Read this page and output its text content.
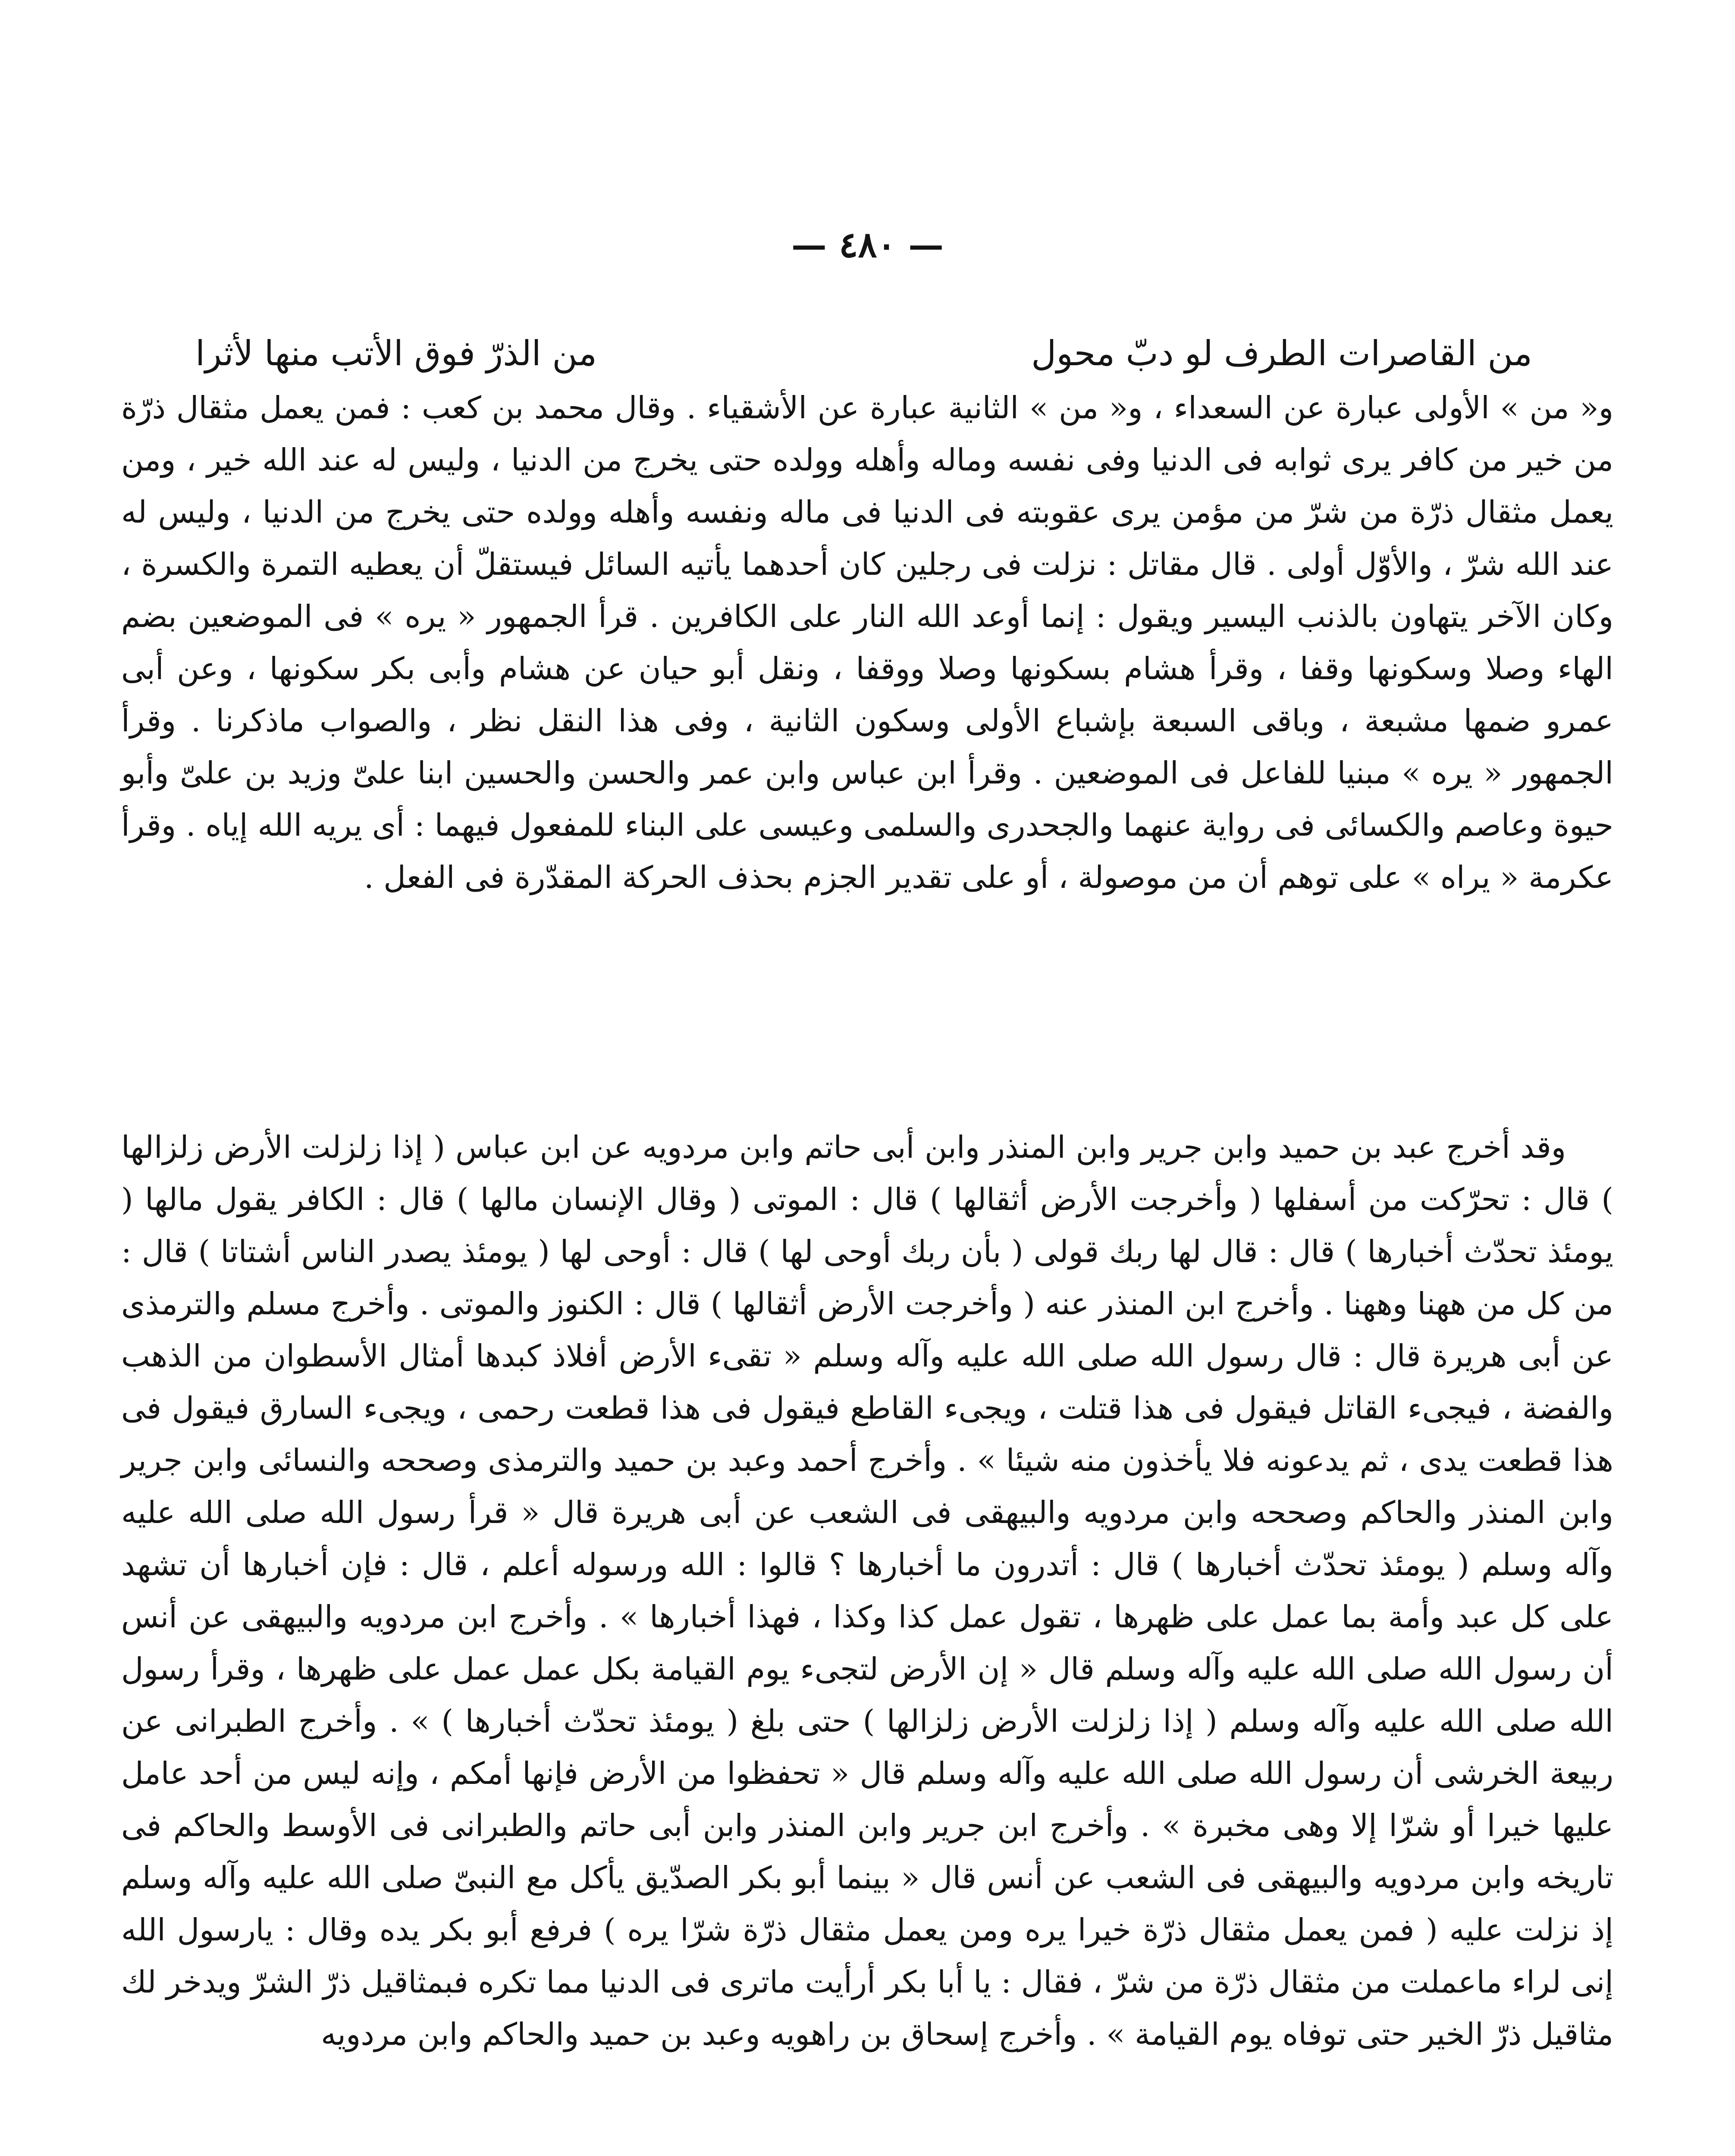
— ٤٨٠ —
من القاصرات الطرف لو دبّ محول
من الذرّ فوق الأتب منها لأثرا

و« من » الأولى عبارة عن السعداء ، و« من » الثانية عبارة عن الأشقياء . وقال محمد بن كعب : فمن يعمل مثقال ذرّة من خير من كافر يرى ثوابه فى الدنيا وفى نفسه وماله وأهله وولده حتى يخرج من الدنيا ، وليس له عند الله خير ، ومن يعمل مثقال ذرّة من شرّ من مؤمن يرى عقوبته فى الدنيا فى ماله ونفسه وأهله وولده حتى يخرج من الدنيا ، وليس له عند الله شرّ ، والأوّل أولى . قال مقاتل : نزلت فى رجلين كان أحدهما يأتيه السائل فيستقلّ أن يعطيه التمرة والكسرة ، وكان الآخر يتهاون بالذنب اليسير ويقول : إنما أوعد الله النار على الكافرين . قرأ الجمهور « يره » فى الموضعين بضم الهاء وصلا وسكونها وقفا ، وقرأ هشام بسكونها وصلا ووقفا ، ونقل أبو حيان عن هشام وأبى بكر سكونها ، وعن أبى عمرو ضمها مشبعة ، وباقى السبعة بإشباع الأولى وسكون الثانية ، وفى هذا النقل نظر ، والصواب ماذكرنا . وقرأ الجمهور « يره » مبنيا للفاعل فى الموضعين . وقرأ ابن عباس وابن عمر والحسن والحسين ابنا علىّ وزيد بن علىّ وأبو حيوة وعاصم والكسائى فى رواية عنهما والجحدرى والسلمى وعيسى على البناء للمفعول فيهما : أى يريه الله إياه . وقرأ عكرمة « يراه » على توهم أن من موصولة ، أو على تقدير الجزم بحذف الحركة المقدّرة فى الفعل .

وقد أخرج عبد بن حميد وابن جرير وابن المنذر وابن أبى حاتم وابن مردويه عن ابن عباس ( إذا زلزلت الأرض زلزالها ) قال : تحرّكت من أسفلها ( وأخرجت الأرض أثقالها ) قال : الموتى ( وقال الإنسان مالها ) قال : الكافر يقول مالها ( يومئذ تحدّث أخبارها ) قال : قال لها ربك قولى ( بأن ربك أوحى لها ) قال : أوحى لها ( يومئذ يصدر الناس أشتاتا ) قال : من كل من ههنا وههنا . وأخرج ابن المنذر عنه ( وأخرجت الأرض أثقالها ) قال : الكنوز والموتى . وأخرج مسلم والترمذى عن أبى هريرة قال : قال رسول الله صلى الله عليه وآله وسلم « تقىء الأرض أفلاذ كبدها أمثال الأسطوان من الذهب والفضة ، فيجىء القاتل فيقول فى هذا قتلت ، ويجىء القاطع فيقول فى هذا قطعت رحمى ، ويجىء السارق فيقول فى هذا قطعت يدى ، ثم يدعونه فلا يأخذون منه شيئا » . وأخرج أحمد وعبد بن حميد والترمذى وصححه والنسائى وابن جرير وابن المنذر والحاكم وصححه وابن مردويه والبيهقى فى الشعب عن أبى هريرة قال « قرأ رسول الله صلى الله عليه وآله وسلم ( يومئذ تحدّث أخبارها ) قال : أتدرون ما أخبارها ؟ قالوا : الله ورسوله أعلم ، قال : فإن أخبارها أن تشهد على كل عبد وأمة بما عمل على ظهرها ، تقول عمل كذا وكذا ، فهذا أخبارها » . وأخرج ابن مردويه والبيهقى عن أنس أن رسول الله صلى الله عليه وآله وسلم قال « إن الأرض لتجىء يوم القيامة بكل عمل عمل على ظهرها ، وقرأ رسول الله صلى الله عليه وآله وسلم ( إذا زلزلت الأرض زلزالها ) حتى بلغ ( يومئذ تحدّث أخبارها ) » . وأخرج الطبرانى عن ربيعة الخرشى أن رسول الله صلى الله عليه وآله وسلم قال « تحفظوا من الأرض فإنها أمكم ، وإنه ليس من أحد عامل عليها خيرا أو شرّا إلا وهى مخبرة » . وأخرج ابن جرير وابن المنذر وابن أبى حاتم والطبرانى فى الأوسط والحاكم فى تاريخه وابن مردويه والبيهقى فى الشعب عن أنس قال « بينما أبو بكر الصدّيق يأكل مع النبىّ صلى الله عليه وآله وسلم إذ نزلت عليه ( فمن يعمل مثقال ذرّة خيرا يره ومن يعمل مثقال ذرّة شرّا يره ) فرفع أبو بكر يده وقال : يارسول الله إنى لراء ماعملت من مثقال ذرّة من شرّ ، فقال : يا أبا بكر أرأيت ماترى فى الدنيا مما تكره فبمثاقيل ذرّ الشرّ ويدخر لك مثاقيل ذرّ الخير حتى توفاه يوم القيامة » . وأخرج إسحاق بن راهويه وعبد بن حميد والحاكم وابن مردويه
